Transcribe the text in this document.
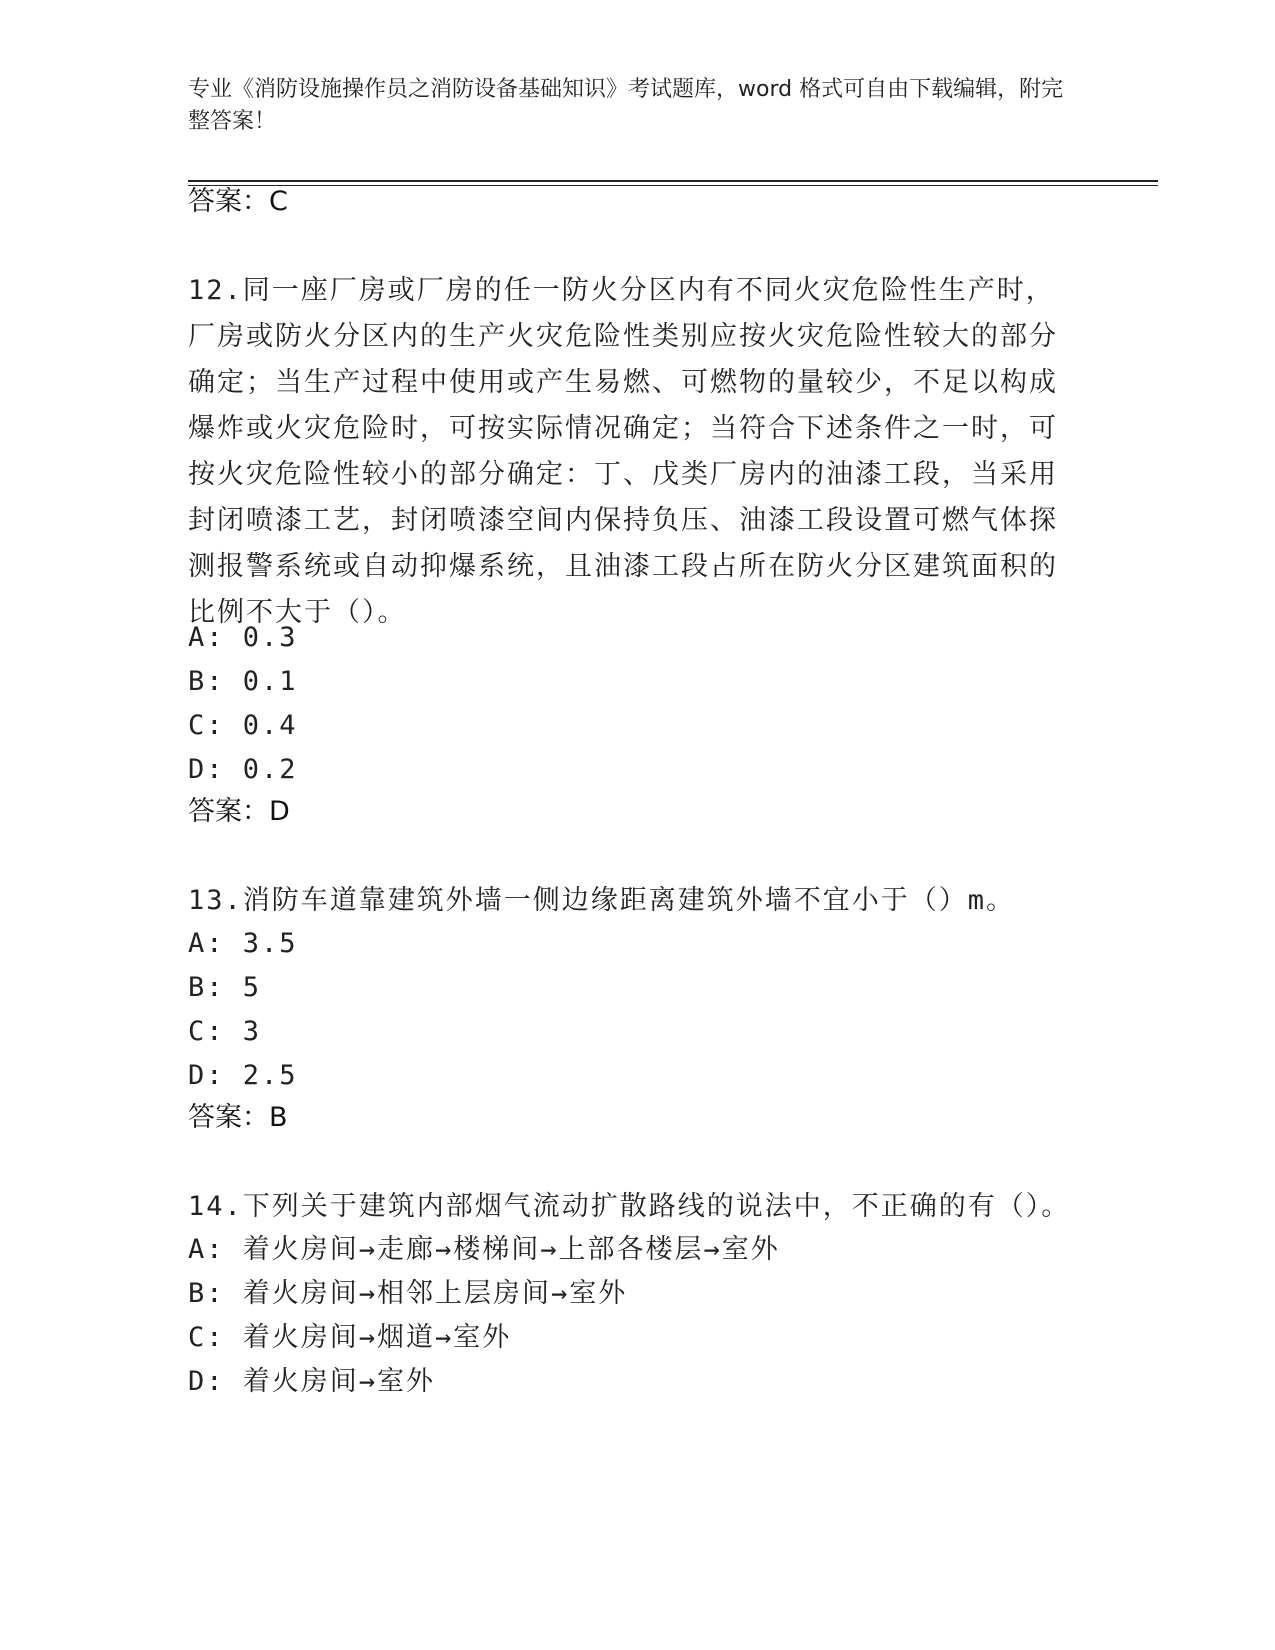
专业《消防设施操作员之消防设备基础知识》考试题库，word 格式可自由下载编辑，附完整答案！
答案：C
12.同一座厂房或厂房的任一防火分区内有不同火灾危险性生产时，厂房或防火分区内的生产火灾危险性类别应按火灾危险性较大的部分确定；当生产过程中使用或产生易燃、可燃物的量较少，不足以构成爆炸或火灾危险时，可按实际情况确定；当符合下述条件之一时，可按火灾危险性较小的部分确定：丁、戊类厂房内的油漆工段，当采用封闭喷漆工艺，封闭喷漆空间内保持负压、油漆工段设置可燃气体探测报警系统或自动抑爆系统，且油漆工段占所在防火分区建筑面积的比例不大于（）。
A: 0.3
B: 0.1
C: 0.4
D: 0.2
答案：D
13.消防车道靠建筑外墙一侧边缘距离建筑外墙不宜小于（）m。
A: 3.5
B: 5
C: 3
D: 2.5
答案：B
14.下列关于建筑内部烟气流动扩散路线的说法中，不正确的有（）。
A: 着火房间→走廊→楼梯间→上部各楼层→室外
B: 着火房间→相邻上层房间→室外
C: 着火房间→烟道→室外
D: 着火房间→室外
